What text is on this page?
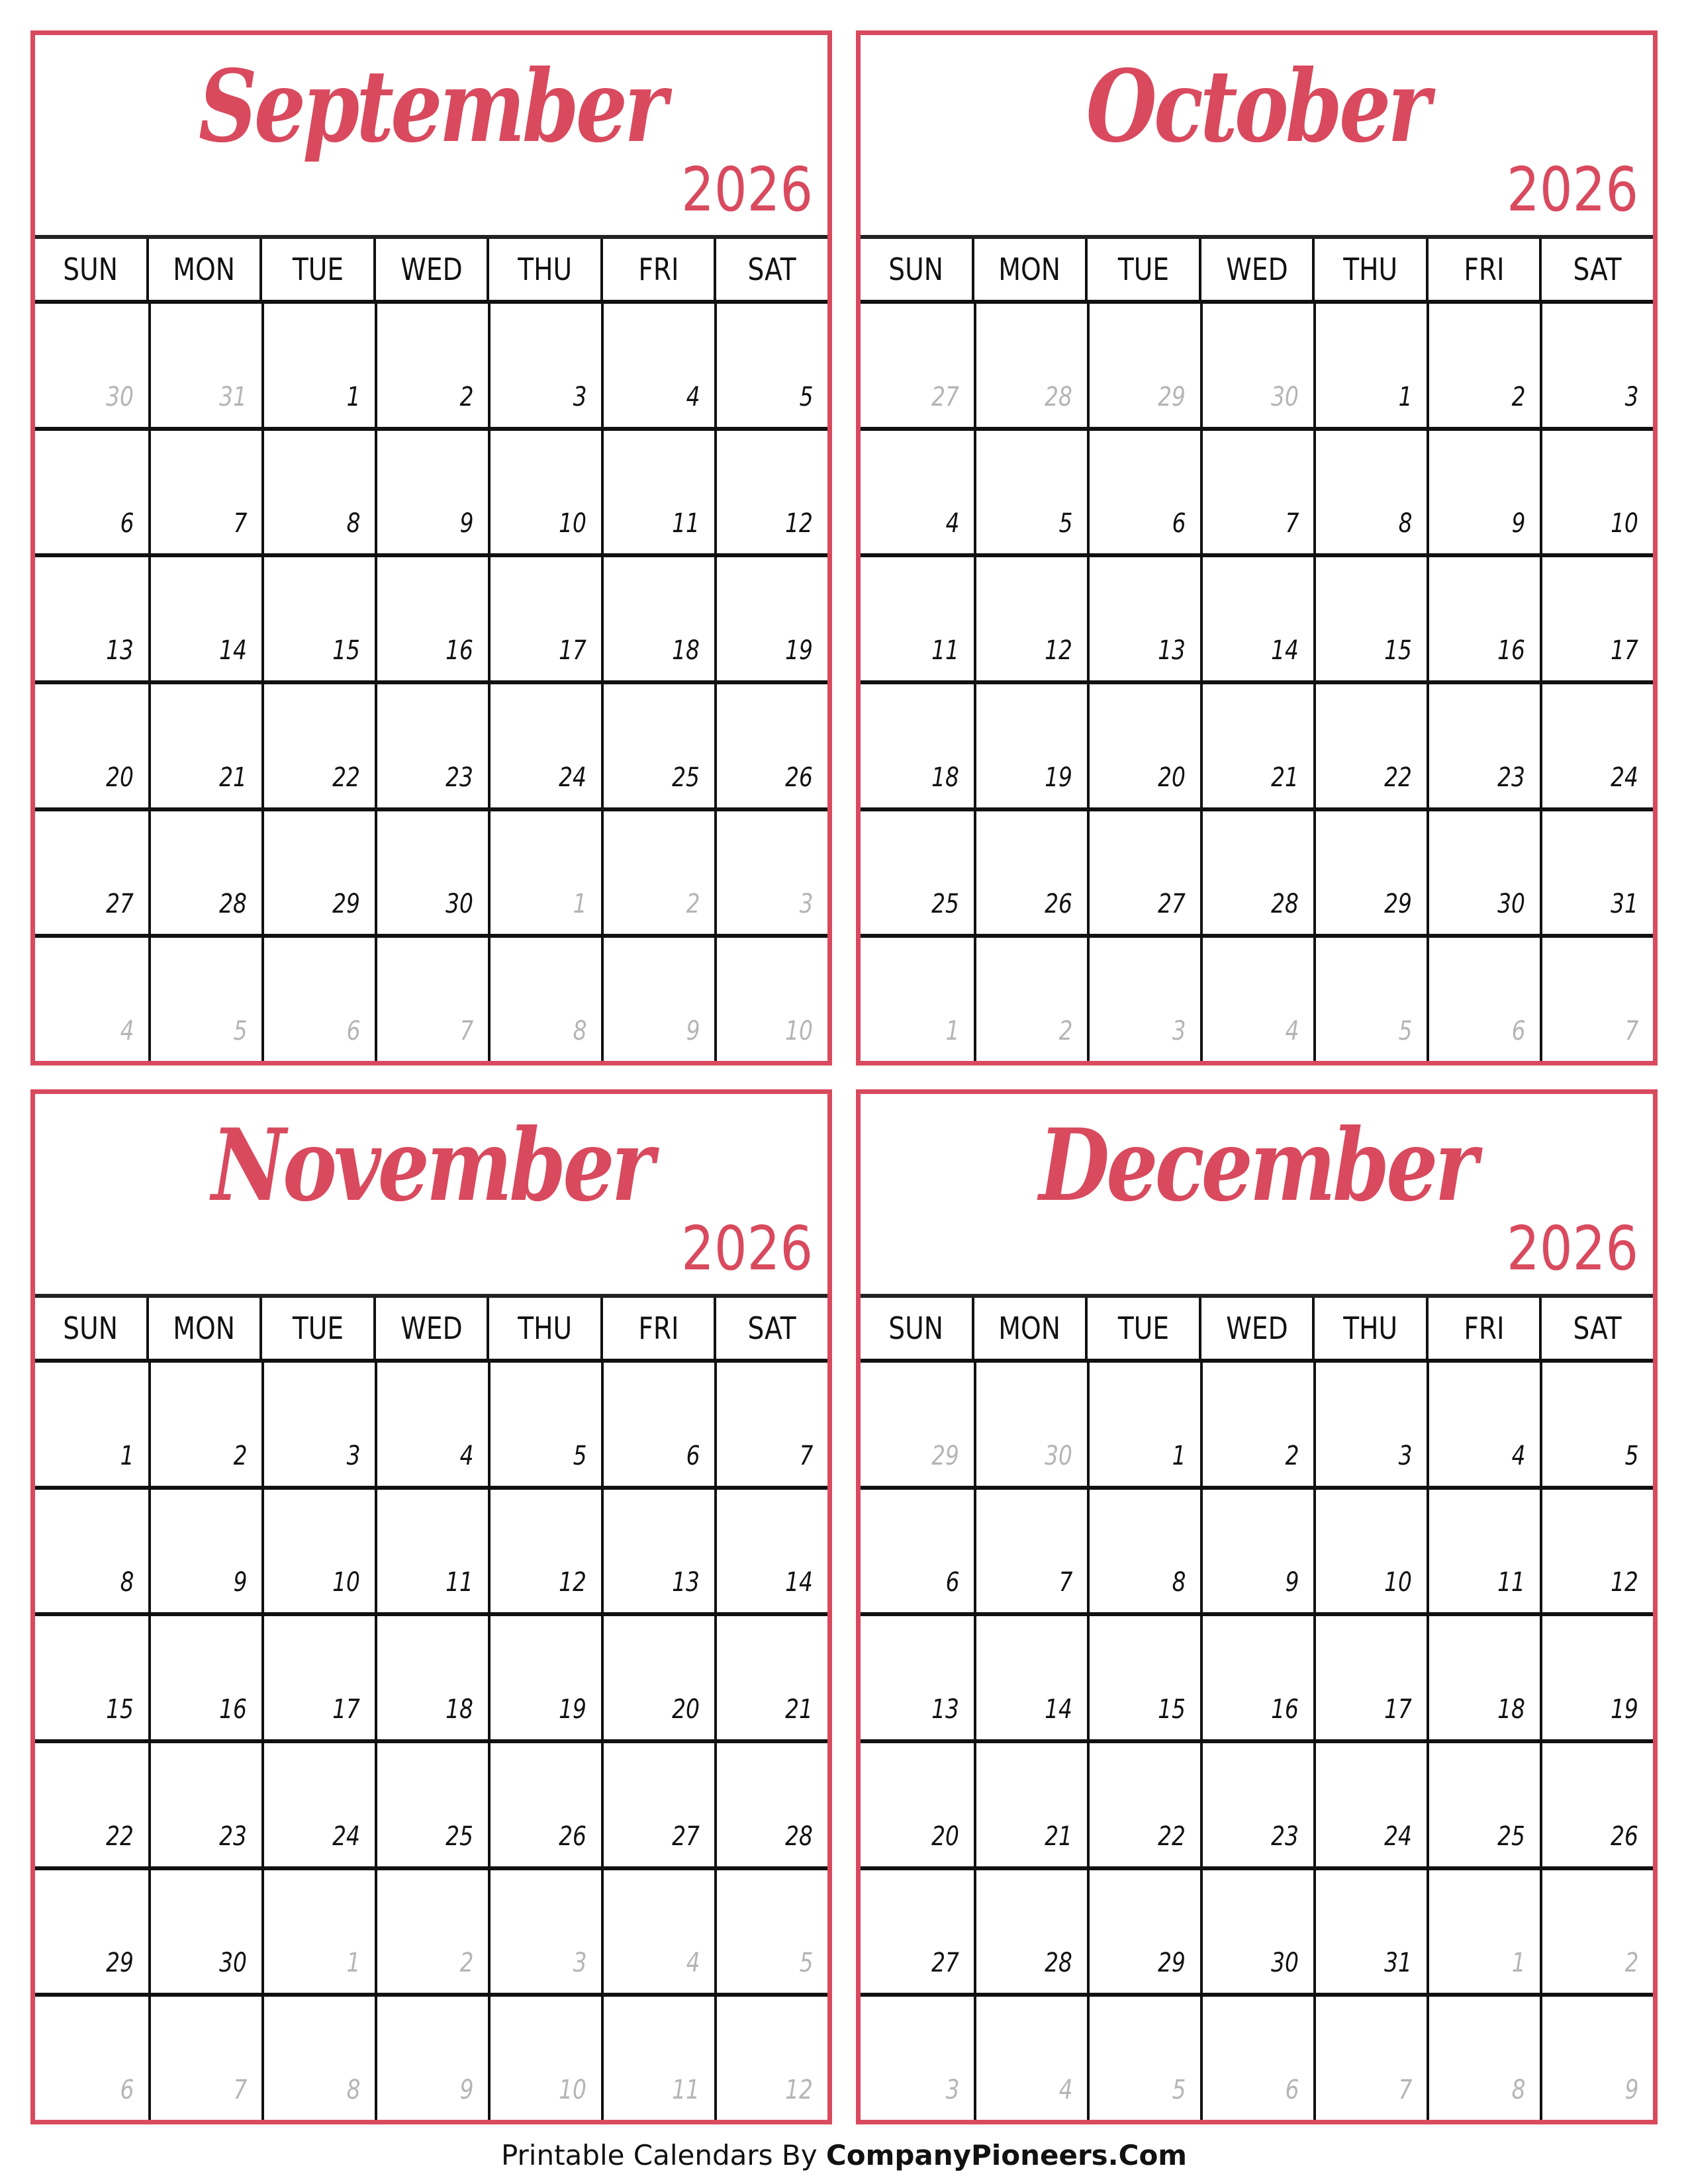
September
2026
SUN MON TUE WED THU FRI SAT
30	31	1	2	3	4	5
6	7	8	9	10	11	12
13	14	15	16	17	18	19
20	21	22	23	24	25	26
27	28	29	30	1	2	3
4	5	6	7	8	9	10
October
2026
SUN MON TUE WED THU FRI SAT
27	28	29	30	1	2	3
4	5	6	7	8	9	10
11	12	13	14	15	16	17
18	19	20	21	22	23	24
25	26	27	28	29	30	31
1	2	3	4	5	6	7
November
2026
SUN MON TUE WED THU FRI SAT
1	2	3	4	5	6	7
8	9	10	11	12	13	14
15	16	17	18	19	20	21
22	23	24	25	26	27	28
29	30	1	2	3	4	5
6	7	8	9	10	11	12
December
2026
SUN MON TUE WED THU FRI SAT
29	30	1	2	3	4	5
6	7	8	9	10	11	12
13	14	15	16	17	18	19
20	21	22	23	24	25	26
27	28	29	30	31	1	2
3	4	5	6	7	8	9
Printable Calendars By CompanyPioneers.Com
